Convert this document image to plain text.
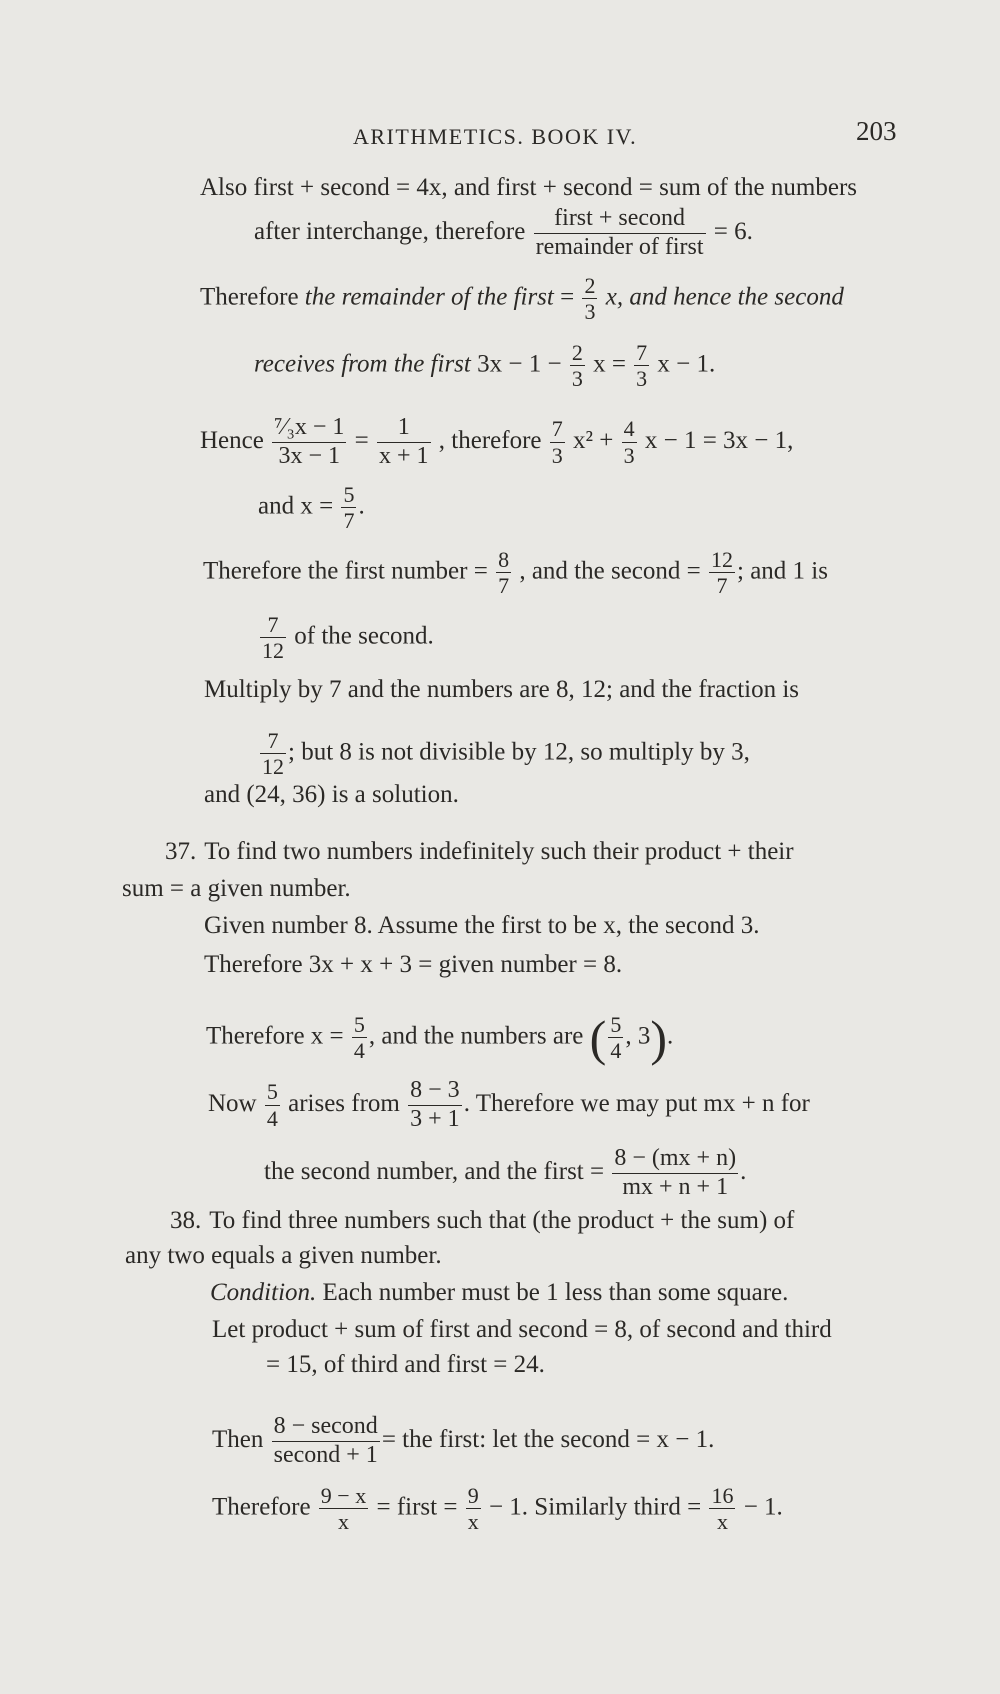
ARITHMETICS. BOOK IV.	203
Also first + second = 4x, and first + second = sum of the numbers
after interchange, therefore $\frac{\text{first + second}}{\text{remainder of first}} = 6$.
Therefore the remainder of the first = $\frac{2}{3} x$, and hence the second
receives from the first $3x - 1 - \frac{2}{3}$ $x = \frac{7}{3}$ x − 1.
Hence $\frac{\text{⁷⁄₃x − 1}}{3x - 1} = \frac{1}{x + 1}$ , therefore $\frac{7}{3} x^2 + \frac{4}{3}$ x − 1 = 3x − 1,
and $x = \frac{5}{7}$ .
Therefore the first number = $\frac{8}{7}$ , and the second = $\frac{12}{7}$ ; and 1 is
$\frac{7}{12}$ of the second.
Multiply by 7 and the numbers are 8, 12; and the fraction is
$\frac{7}{12}$ ; but 8 is not divisible by 12, so multiply by 3,
and (24, 36) is a solution.
37. To find two numbers indefinitely such their product + their
sum = a given number.
Given number 8. Assume the first to be x, the second 3.
Therefore 3x + x + 3 = given number = 8.
Therefore $x = \frac{5}{4}$ , and the numbers are ( $\frac{5}{4}$ , 3).
Now $\frac{5}{4}$ arises from $\frac{8 - 3}{3 + 1}$ . Therefore we may put mx + n for
the second number, and the first = $\frac{8 - (mx + n)}{mx + n + 1}$ .
38. To find three numbers such that (the product + the sum) of
any two equals a given number.
Condition. Each number must be 1 less than some square.
Let product + sum of first and second = 8, of second and third
= 15, of third and first = 24.
Then $\frac{\text{8 − second}}{\text{second + 1}}$ = the first: let the second = x − 1.
Therefore $\frac{9 - x}{x}$ = first = $\frac{9}{x} - 1$. Similarly third = $\frac{16}{x} - 1$.
